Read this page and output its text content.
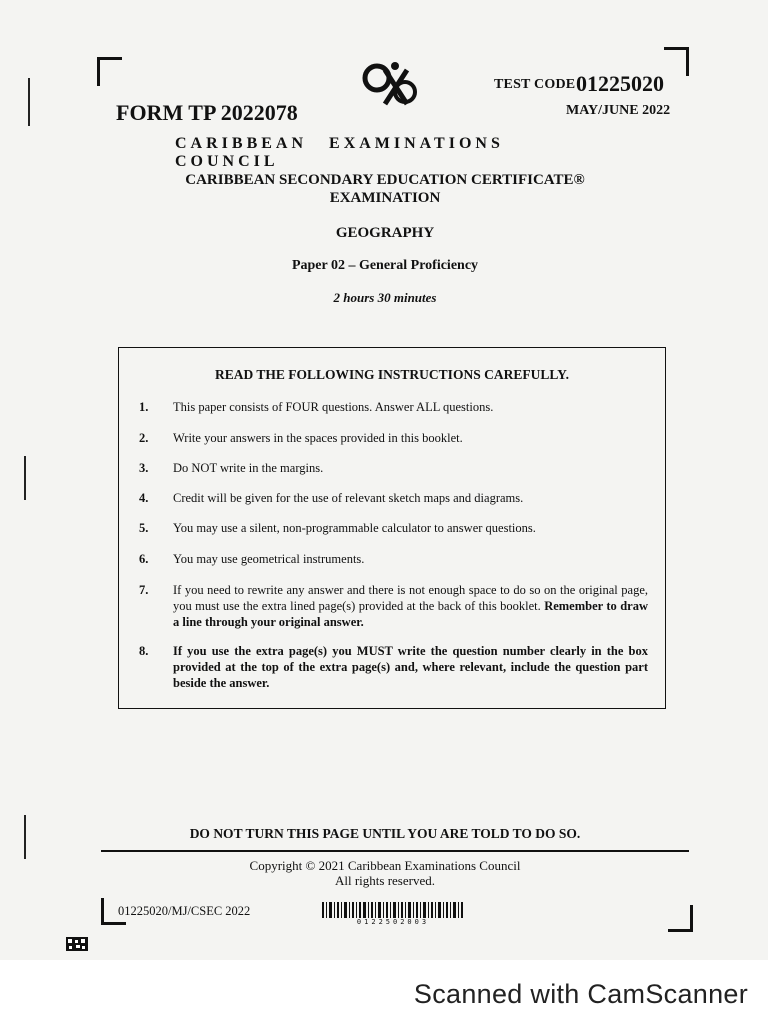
TEST CODE 01225020
FORM TP 2022078	MAY/JUNE 2022
CARIBBEAN EXAMINATIONS COUNCIL
CARIBBEAN SECONDARY EDUCATION CERTIFICATE®
EXAMINATION
GEOGRAPHY
Paper 02 – General Proficiency
2 hours 30 minutes
READ THE FOLLOWING INSTRUCTIONS CAREFULLY.
1. This paper consists of FOUR questions. Answer ALL questions.
2. Write your answers in the spaces provided in this booklet.
3. Do NOT write in the margins.
4. Credit will be given for the use of relevant sketch maps and diagrams.
5. You may use a silent, non-programmable calculator to answer questions.
6. You may use geometrical instruments.
7. If you need to rewrite any answer and there is not enough space to do so on the original page, you must use the extra lined page(s) provided at the back of this booklet. Remember to draw a line through your original answer.
8. If you use the extra page(s) you MUST write the question number clearly in the box provided at the top of the extra page(s) and, where relevant, include the question part beside the answer.
DO NOT TURN THIS PAGE UNTIL YOU ARE TOLD TO DO SO.
Copyright © 2021 Caribbean Examinations Council
All rights reserved.
01225020/MJ/CSEC 2022
0122502003
Scanned with CamScanner
